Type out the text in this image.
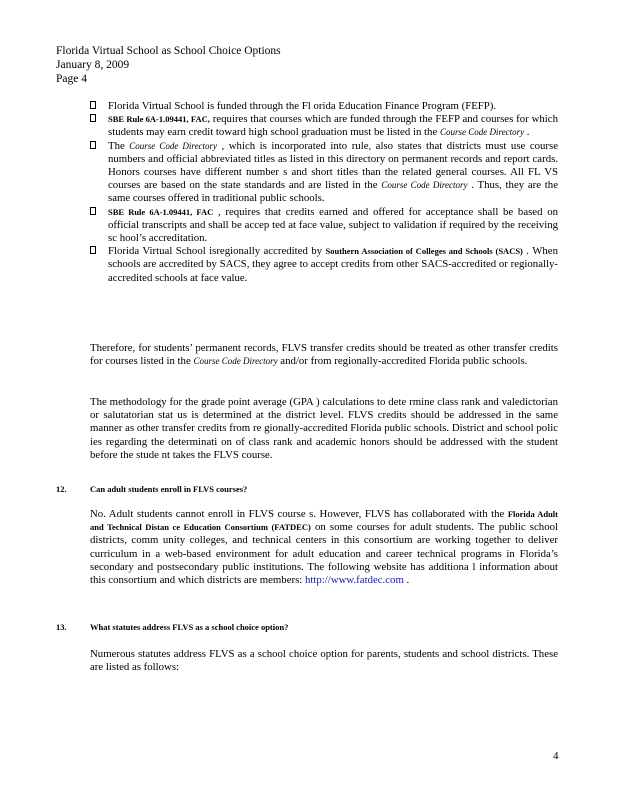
Florida Virtual School as School Choice Options
January 8, 2009
Page 4
Florida Virtual School is funded through the Fl orida Education Finance Program (FEFP).
SBE Rule 6A-1.09441, FAC, requires that courses which are funded through the FEFP and courses for which students may earn credit toward high school graduation must be listed in the Course Code Directory .
The Course Code Directory , which is incorporated into rule, also states that districts must use course numbers and official abbreviated titles as listed in this directory on permanent records and report cards. Honors courses have different number s and short titles than the related general courses. All FL VS courses are based on the state standards and are listed in the Course Code Directory . Thus, they are the same courses offered in traditional public schools.
SBE Rule 6A-1.09441, FAC , requires that credits earned and offered for acceptance shall be based on official transcripts and shall be accep ted at face value, subject to validation if required by the receiving sc hool’s accreditation.
Florida Virtual School isregionally accredited by Southern Association of Colleges and Schools (SACS) . When schools are accredited by SACS, they agree to accept credits from other SACS-accredited or regionally- accredited schools at face value.

Therefore, for students’ permanent records, FLVS transfer credits should be treated as other transfer credits for courses listed in the Course Code Directory and/or from regionally-accredited Florida public schools.

The methodology for the grade point average (GPA ) calculations to dete rmine class rank and valedictorian or salutatorian stat us is determined at the district level. FLVS credits should be addressed in the same manner as other transfer credits from re gionally-accredited Florida public schools. District and school polic ies regarding the determinati on of class rank and academic honors should be addressed with the student before the stude nt takes the FLVS course.

12.	Can adult students enroll in FLVS courses?

No. Adult students cannot enroll in FLVS course s. However, FLVS has collaborated with the Florida Adult and Technical Distan ce Education Consortium (FATDEC) on some courses for adult students. The public school districts, comm unity colleges, and technical centers in this consortium are working together to deliver curriculum in a web-based environment for adult education and career technical programs in Florida’s secondary and postsecondary public institutions. The following website has additiona l information about this consortium and which districts are members: http://www.fatdec.com .

13.	What statutes address FLVS as a school choice option?

Numerous statutes address FLVS as a school choice option for parents, students and school districts. These are listed as follows:

4
